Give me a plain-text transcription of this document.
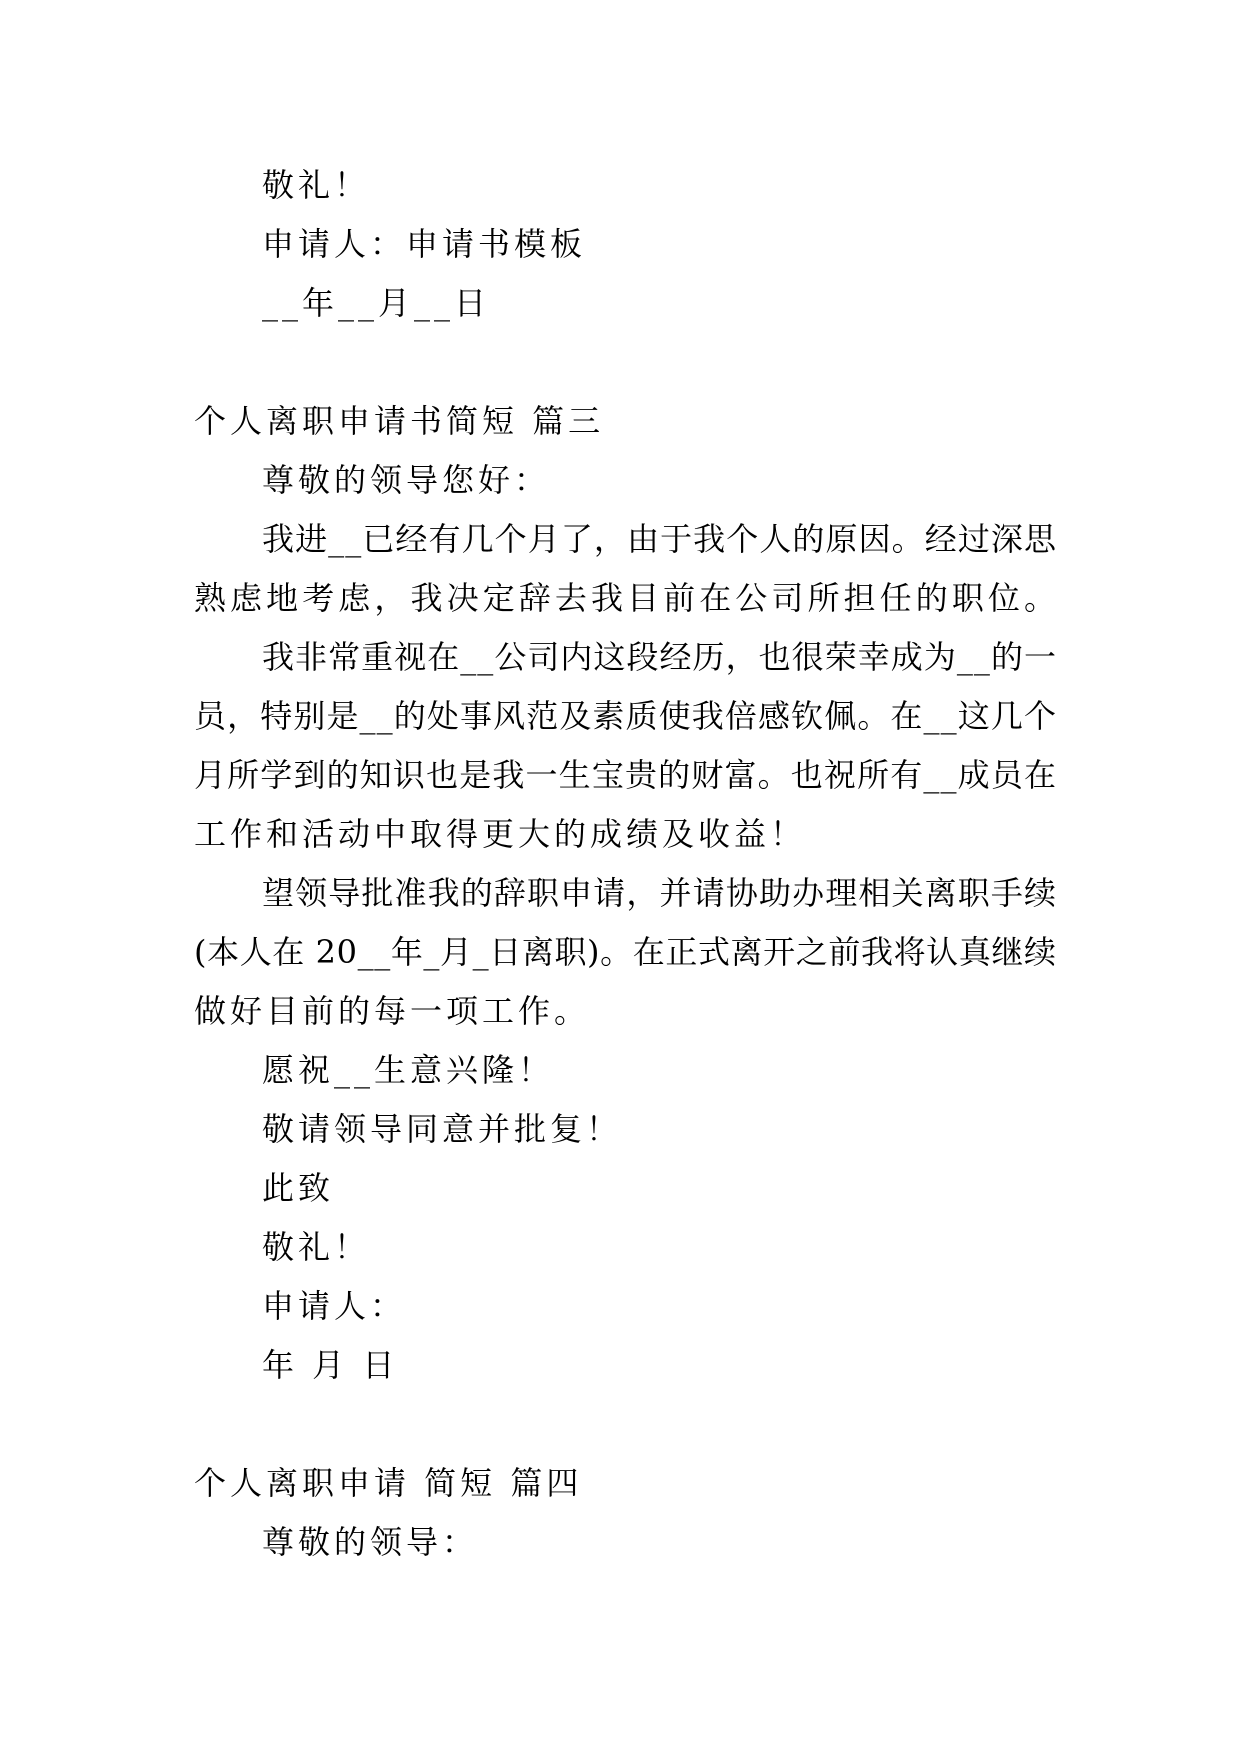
敬礼！
申请人：申请书模板
__年__月__日
个人离职申请书简短 篇三
尊敬的领导您好：
我进__已经有几个月了，由于我个人的原因。经过深思
熟虑地考虑，我决定辞去我目前在公司所担任的职位。
我非常重视在__公司内这段经历，也很荣幸成为__的一
员，特别是__的处事风范及素质使我倍感钦佩。在__这几个
月所学到的知识也是我一生宝贵的财富。也祝所有__成员在
工作和活动中取得更大的成绩及收益！
望领导批准我的辞职申请，并请协助办理相关离职手续
(本人在 20__年_月_日离职)。在正式离开之前我将认真继续
做好目前的每一项工作。
愿祝__生意兴隆！
敬请领导同意并批复！
此致
敬礼！
申请人：
年 月 日
个人离职申请 简短 篇四
尊敬的领导：
